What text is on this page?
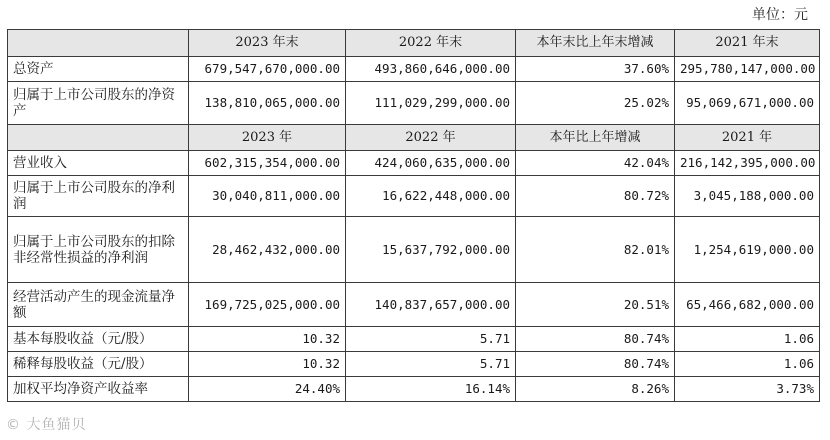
单位：元
	2023 年末	2022 年末	本年末比上年末增减	2021 年末
总资产	679,547,670,000.00	493,860,646,000.00	37.60%	295,780,147,000.00
归属于上市公司股东的净资产	138,810,065,000.00	111,029,299,000.00	25.02%	95,069,671,000.00
	2023 年	2022 年	本年比上年增减	2021 年
营业收入	602,315,354,000.00	424,060,635,000.00	42.04%	216,142,395,000.00
归属于上市公司股东的净利润	30,040,811,000.00	16,622,448,000.00	80.72%	3,045,188,000.00
归属于上市公司股东的扣除非经常性损益的净利润	28,462,432,000.00	15,637,792,000.00	82.01%	1,254,619,000.00
经营活动产生的现金流量净额	169,725,025,000.00	140,837,657,000.00	20.51%	65,466,682,000.00
基本每股收益（元/股）	10.32	5.71	80.74%	1.06
稀释每股收益（元/股）	10.32	5.71	80.74%	1.06
加权平均净资产收益率	24.40%	16.14%	8.26%	3.73%
© 大鱼猫贝
